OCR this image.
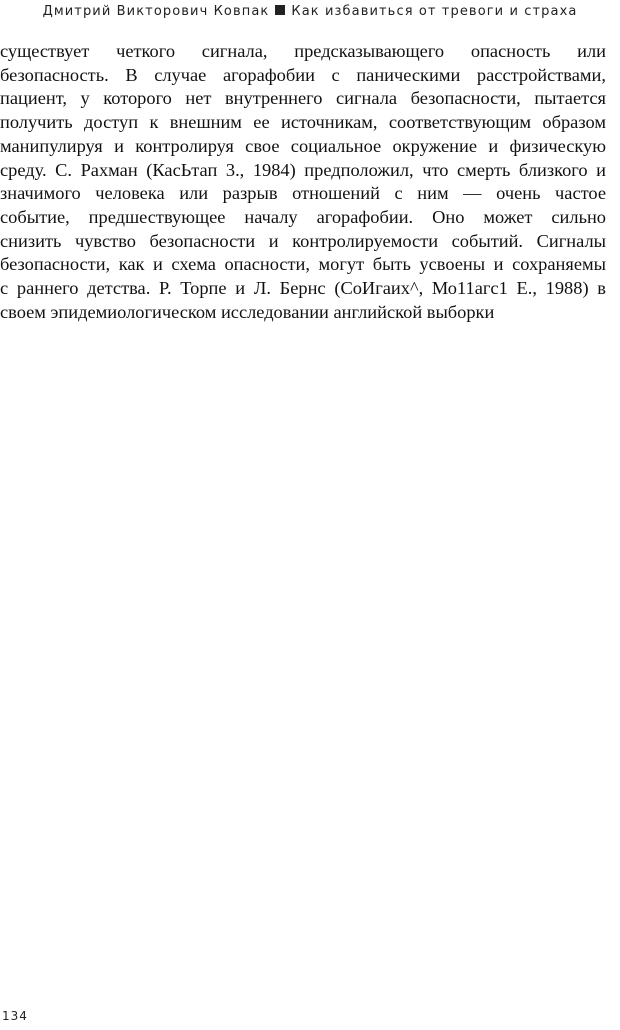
Дмитрий Викторович Ковпак Как избавиться от тревоги и страха
существует четкого сигнала, предсказывающего опасность или
безопасность. В случае агорафобии с паническими расстройствами,
пациент, у которого нет внутреннего сигнала безопасности, пытается
получить доступ к внешним ее источникам, соответствующим образом
манипулируя и контролируя свое социальное окружение и физическую
среду. С. Рахман (КасЬтап 3., 1984) предположил, что смерть близкого и
значимого человека или разрыв отношений с ним — очень частое
событие, предшествующее началу агорафобии. Оно может сильно
снизить чувство безопасности и контролируемости событий. Сигналы
безопасности, как и схема опасности, могут быть усвоены и сохраняемы
с раннего детства. Р. Торпе и Л. Бернс (СоИгаих^, Мо11агс1 Е., 1988) в
своем эпидемиологическом исследовании английской выборки
134
